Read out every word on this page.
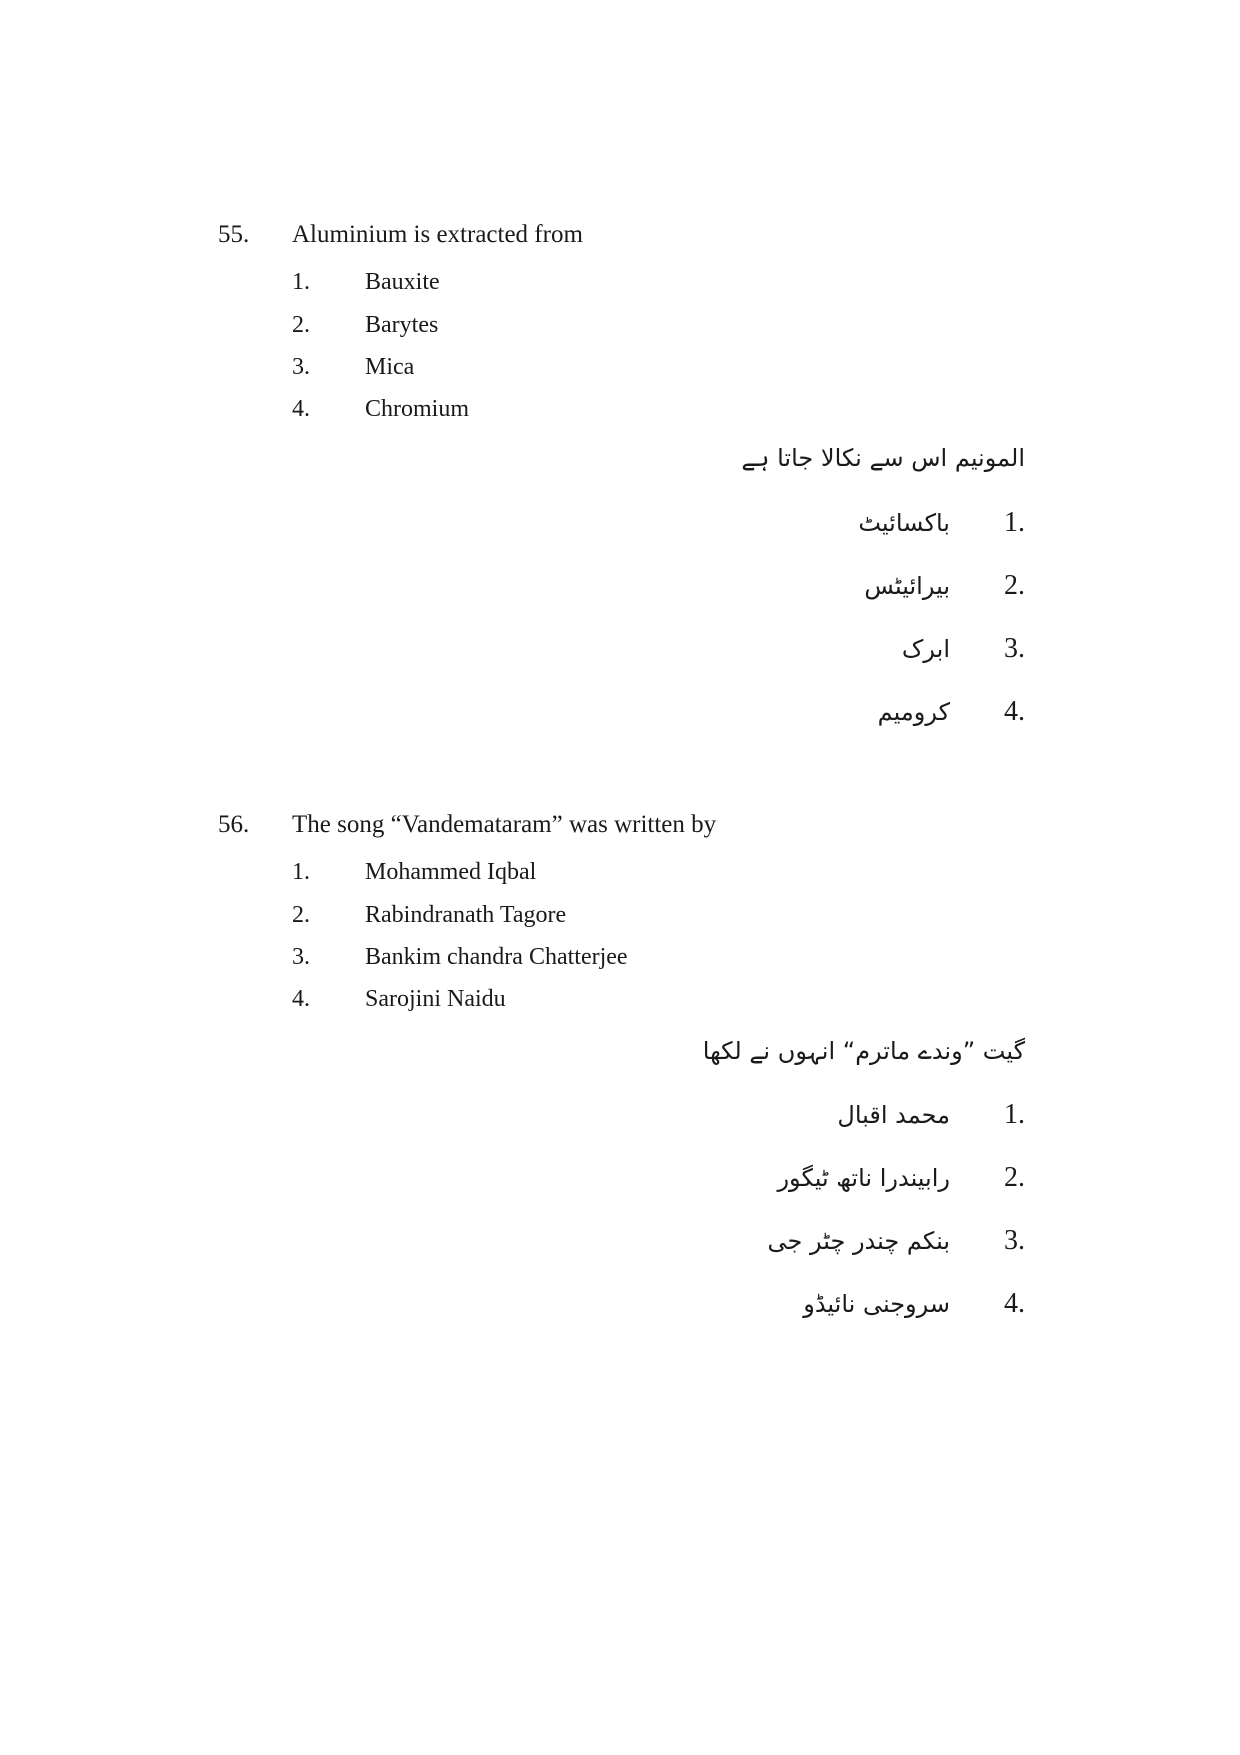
55. Aluminium is extracted from
1. Bauxite
2. Barytes
3. Mica
4. Chromium
المونیم اس سے نکالا جاتا ہے
1.
باکسائیٹ
2.
بیرائیٹس
3.
ابرک
4.
کرومیم
56. The song “Vandemataram” was written by
1. Mohammed Iqbal
2. Rabindranath Tagore
3. Bankim chandra Chatterjee
4. Sarojini Naidu
گیت ”وندے ماترم“ انہوں نے لکھا
1.
محمد اقبال
2.
رابیندرا ناتھ ٹیگور
3.
بنکم چندر چٹر جی
4.
سروجنی نائیڈو
